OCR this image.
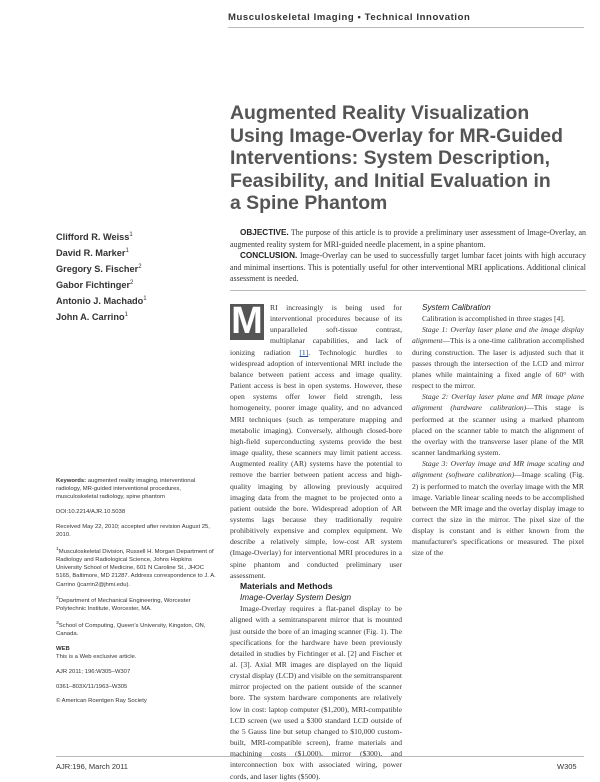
Musculoskeletal Imaging • Technical Innovation
Augmented Reality Visualization
Using Image-Overlay for MR-Guided
Interventions: System Description,
Feasibility, and Initial Evaluation in
a Spine Phantom
Clifford R. Weiss$^1$
David R. Marker$^1$
Gregory S. Fischer$^2$
Gabor Fichtinger$^2$
Antonio J. Machado$^1$
John A. Carrino$^1$

OBJECTIVE. The purpose of this article is to provide a preliminary user assessment of Image-Overlay, an augmented reality system for MRI-guided needle placement, in a spine phantom.

CONCLUSION. Image-Overlay can be used to successfully target lumbar facet joints with high accuracy and minimal insertions. This is potentially useful for other interventional MRI applications. Additional clinical assessment is needed.

M RI increasingly is being used for interventional procedures because of its unparalleled soft-tissue contrast, multiplanar capabilities, and lack of ionizing radiation [1]. Technologic hurdles to widespread adoption of interventional MRI include the balance between patient access and image quality. Patient access is best in open systems. However, these open systems offer lower field strength, less homogeneity, poorer image quality, and no advanced MRI techniques (such as temperature mapping and metabolic imaging). Conversely, although closed-bore high-field superconducting systems provide the best image quality, these scanners may limit patient access. Augmented reality (AR) systems have the potential to remove the barrier between patient access and high-quality imaging by allowing previously acquired imaging data from the magnet to be projected onto a patient outside the bore. Widespread adoption of AR systems lags because they traditionally require prohibitively expensive and complex equipment. We describe a relatively simple, low-cost AR system (Image-Overlay) for interventional MRI procedures in a spine phantom and conducted preliminary user assessment.

Materials and Methods

Image-Overlay System Design

Image-Overlay requires a flat-panel display to be aligned with a semitransparent mirror that is mounted just outside the bore of an imaging scanner (Fig. 1). The specifications for the hardware have been previously detailed in studies by Fichtinger et al. [2] and Fischer et al. [3]. Axial MR images are displayed on the liquid crystal display (LCD) and visible on the semitransparent mirror projected on the patient outside of the scanner bore. The system hardware components are relatively low in cost: laptop computer ($1,200), MRI-compatible LCD screen (we used a $300 standard LCD outside of the 5 Gauss line but setup changed to $10,000 custom-built, MRI-compatible screen), frame materials and machining costs ($1,000), mirror ($300), and interconnection box with associated wiring, power cords, and laser lights ($500).

System Calibration

Calibration is accomplished in three stages [4].

Stage 1: Overlay laser plane and the image display alignment—This is a one-time calibration accomplished during construction. The laser is adjusted such that it passes through the intersection of the LCD and mirror planes while maintaining a fixed angle of 60° with respect to the mirror.

Stage 2: Overlay laser plane and MR image plane alignment (hardware calibration)—This stage is performed at the scanner using a marked phantom placed on the scanner table to match the alignment of the overlay with the transverse laser plane of the MR scanner landmarking system.

Stage 3: Overlay image and MR image scaling and alignment (software calibration)—Image scaling (Fig. 2) is performed to match the overlay image with the MR image. Variable linear scaling needs to be accomplished between the MR image and the overlay display image to correct the size in the mirror. The pixel size of the display is constant and is either known from the manufacturer's specifications or measured. The pixel size of the

Keywords: augmented reality imaging, interventional radiology, MR-guided interventional procedures, musculoskeletal radiology, spine phantom

DOI:10.2214/AJR.10.5038

Received May 22, 2010; accepted after revision August 25, 2010.

$^1$Musculoskeletal Division, Russell H. Morgan Department of Radiology and Radiological Science, Johns Hopkins University School of Medicine, 601 N Caroline St., JHOC 5165, Baltimore, MD 21287. Address correspondence to J. A. Carrino (jcarrin2@jhmi.edu).

$^2$Department of Mechanical Engineering, Worcester Polytechnic Institute, Worcester, MA.

$^3$School of Computing, Queen's University, Kingston, ON, Canada.

WEB
This is a Web exclusive article.

AJR 2011; 196:W305–W307

0361–803X/11/1963–W305

© American Roentgen Ray Society

AJR:196, March 2011	W305
